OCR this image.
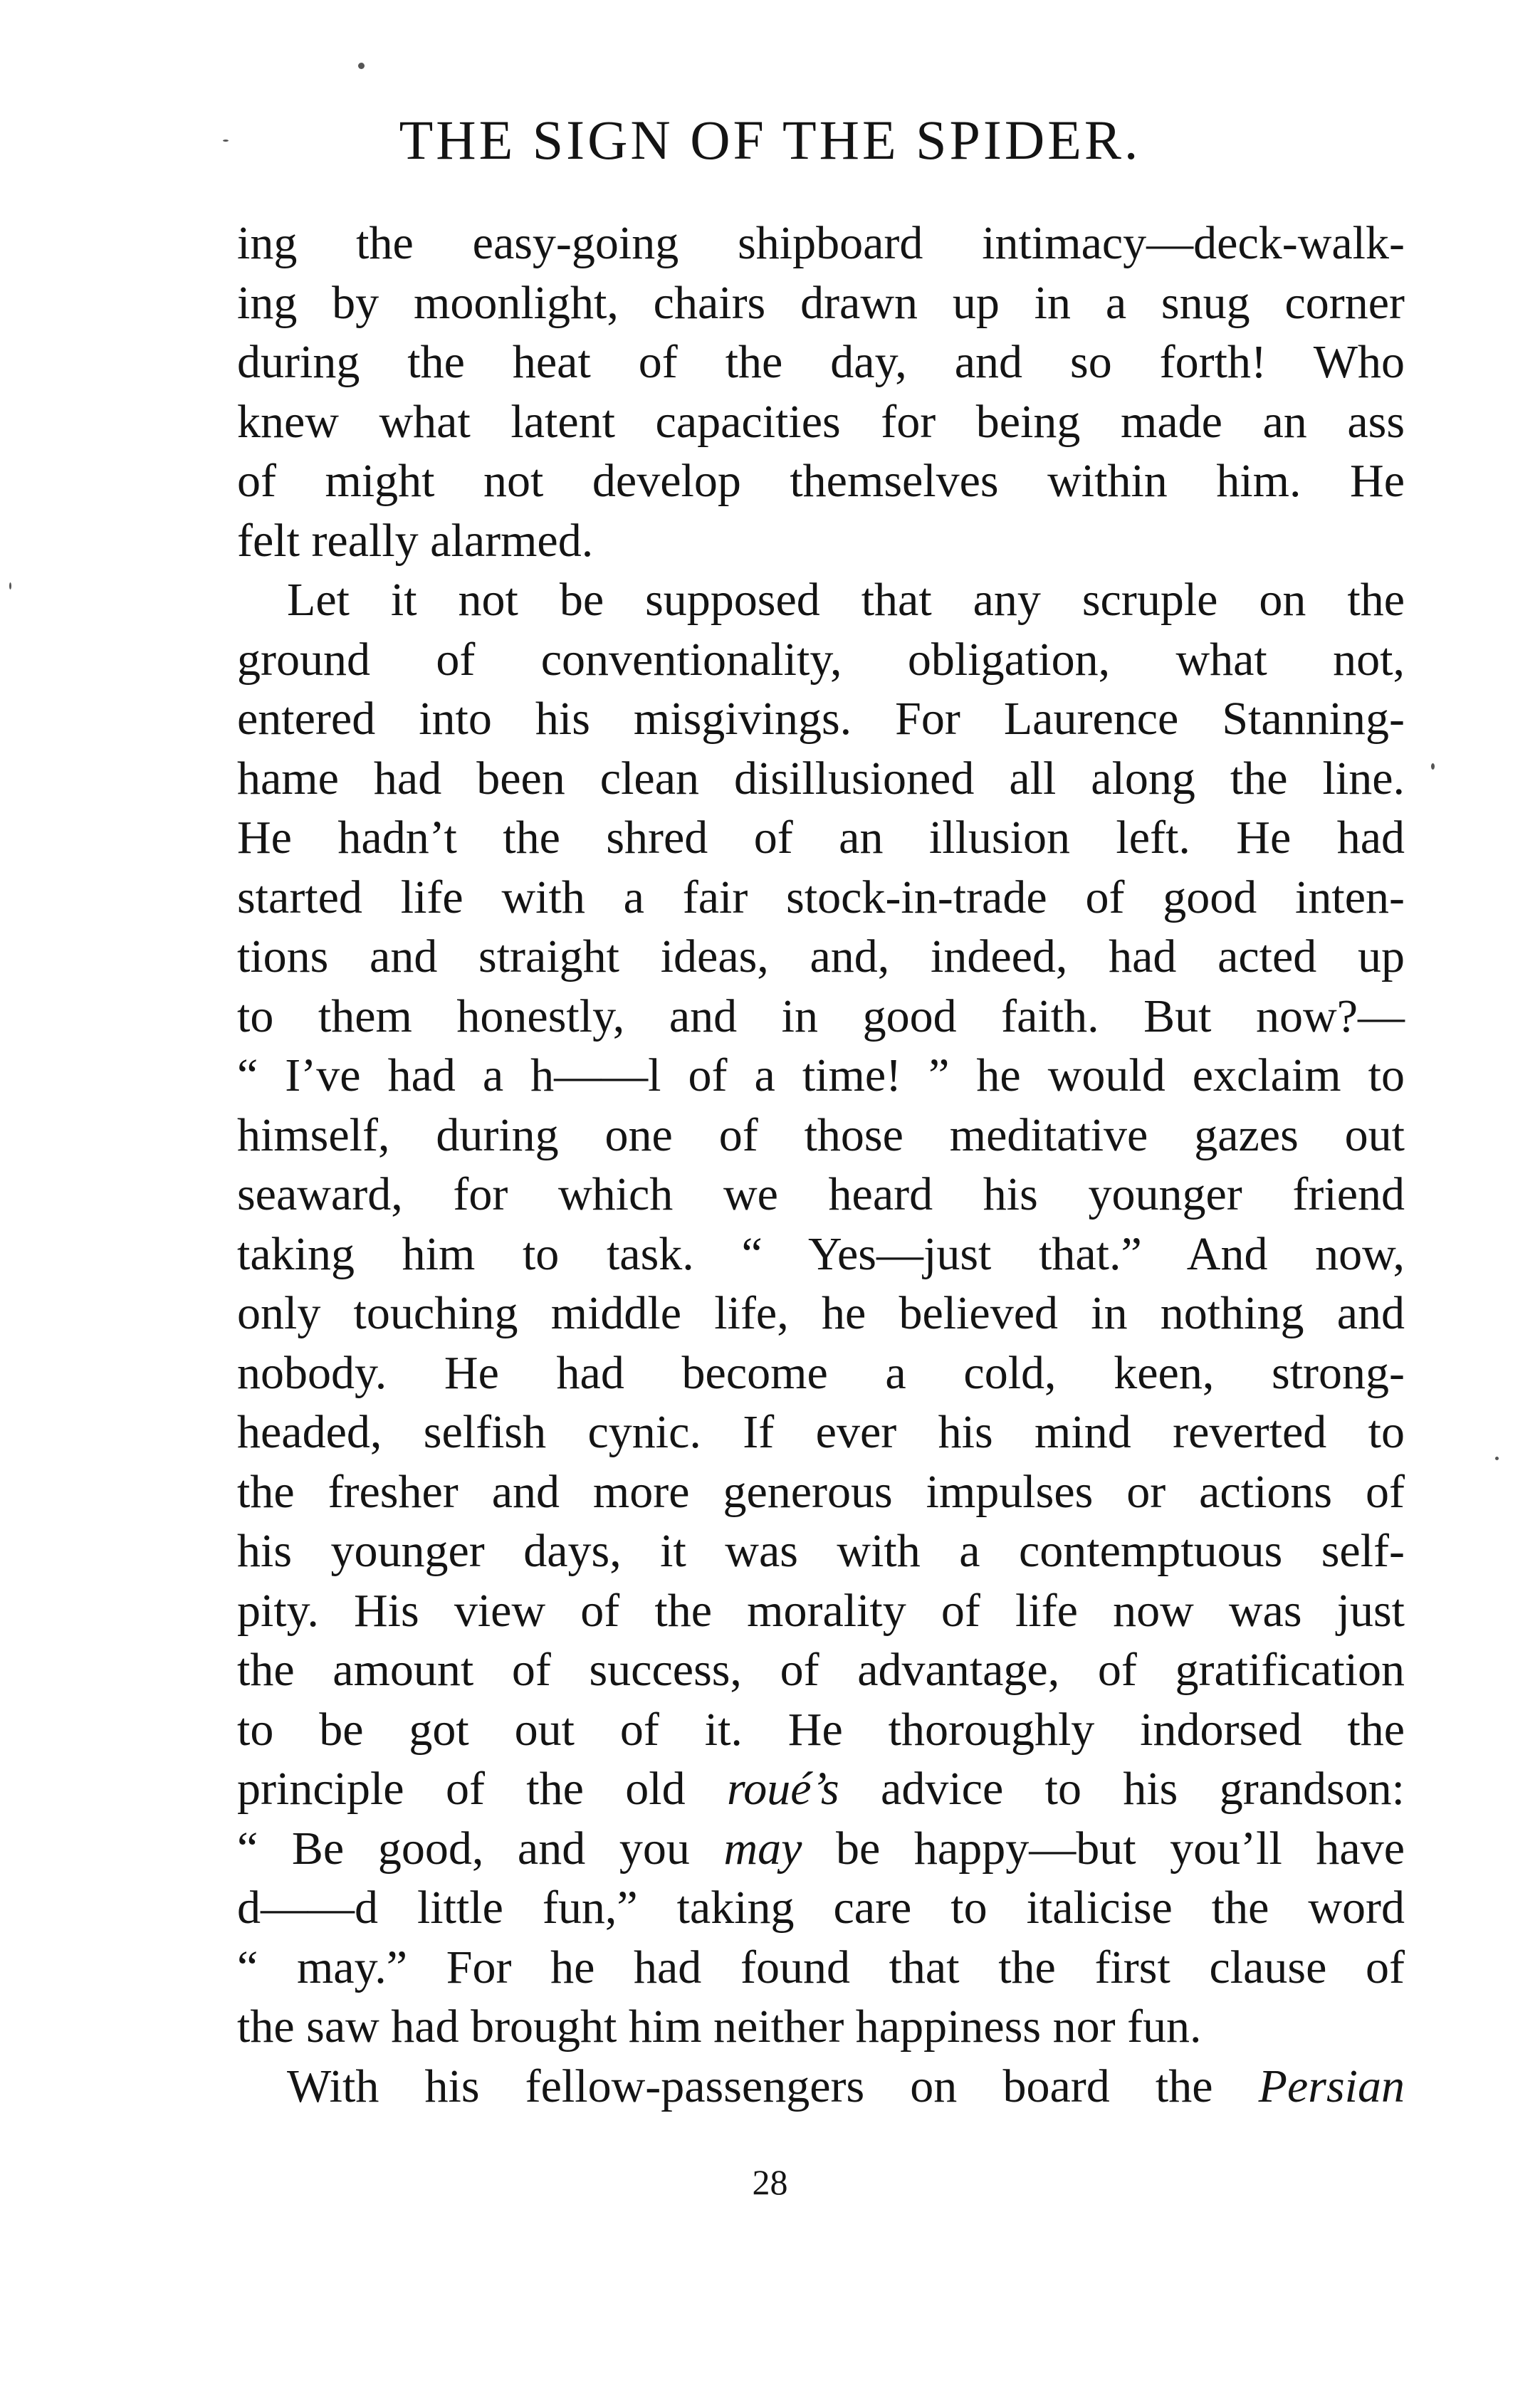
THE SIGN OF THE SPIDER.
ing the easy-going shipboard intimacy—deck-walk-
ing by moonlight, chairs drawn up in a snug corner
during the heat of the day, and so forth! Who
knew what latent capacities for being made an ass
of might not develop themselves within him. He
felt really alarmed.
Let it not be supposed that any scruple on the
ground of conventionality, obligation, what not,
entered into his misgivings. For Laurence Stanning-
hame had been clean disillusioned all along the line.
He hadn’t the shred of an illusion left. He had
started life with a fair stock-in-trade of good inten-
tions and straight ideas, and, indeed, had acted up
to them honestly, and in good faith. But now?—
“ I’ve had a h——l of a time! ” he would exclaim to
himself, during one of those meditative gazes out
seaward, for which we heard his younger friend
taking him to task. “ Yes—just that.” And now,
only touching middle life, he believed in nothing and
nobody. He had become a cold, keen, strong-
headed, selfish cynic. If ever his mind reverted to
the fresher and more generous impulses or actions of
his younger days, it was with a contemptuous self-
pity. His view of the morality of life now was just
the amount of success, of advantage, of gratification
to be got out of it. He thoroughly indorsed the
principle of the old roué’s advice to his grandson:
“ Be good, and you may be happy—but you’ll have
d——d little fun,” taking care to italicise the word
“ may.” For he had found that the first clause of
the saw had brought him neither happiness nor fun.
With his fellow-passengers on board the Persian
28
